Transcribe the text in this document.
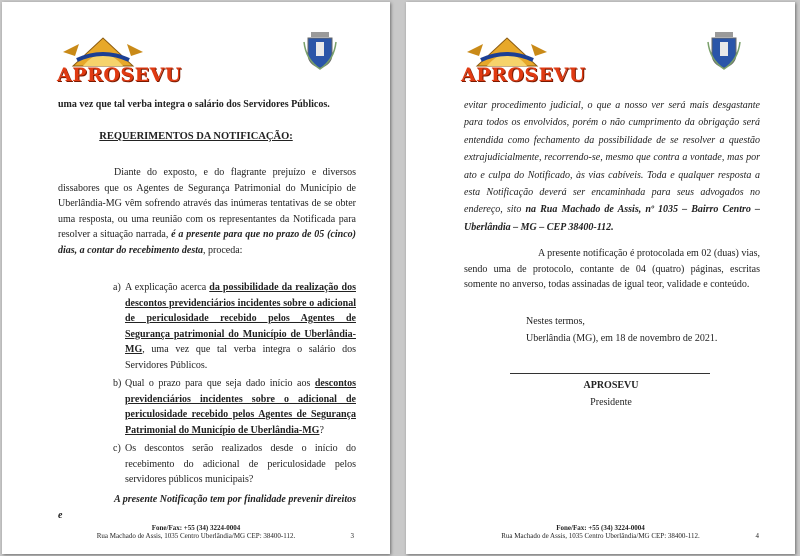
APROSEVU
uma vez que tal verba integra o salário dos Servidores Públicos.
REQUERIMENTOS DA NOTIFICAÇÃO:
Diante do exposto, e do flagrante prejuízo e diversos dissabores que os Agentes de Segurança Patrimonial do Município de Uberlândia-MG vêm sofrendo através das inúmeras tentativas de se obter uma resposta, ou uma reunião com os representantes da Notificada para resolver a situação narrada, é a presente para que no prazo de 05 (cinco) dias, a contar do recebimento desta, proceda:
a) A explicação acerca da possibilidade da realização dos descontos previdenciários incidentes sobre o adicional de periculosidade recebido pelos Agentes de Segurança patrimonial do Município de Uberlândia-MG, uma vez que tal verba integra o salário dos Servidores Públicos.
b) Qual o prazo para que seja dado início aos descontos previdenciários incidentes sobre o adicional de periculosidade recebido pelos Agentes de Segurança Patrimonial do Município de Uberlândia-MG?
c) Os descontos serão realizados desde o início do recebimento do adicional de periculosidade pelos servidores públicos municipais?
A presente Notificação tem por finalidade prevenir direitos e
Fone/Fax: +55 (34) 3224-0004
Rua Machado de Assis, 1035 Centro Uberlândia/MG CEP: 38400-112.	3
APROSEVU
evitar procedimento judicial, o que a nosso ver será mais desgastante para todos os envolvidos, porém o não cumprimento da obrigação será entendida como fechamento da possibilidade de se resolver a questão extrajudicialmente, recorrendo-se, mesmo que contra a vontade, mas por ato e culpa do Notificado, às vias cabíveis. Toda e qualquer resposta a esta Notificação deverá ser encaminhada para seus advogados no endereço, sito na Rua Machado de Assis, nº 1035 – Bairro Centro – Uberlândia – MG – CEP 38400-112.
A presente notificação é protocolada em 02 (duas) vias, sendo uma de protocolo, contante de 04 (quatro) páginas, escritas somente no anverso, todas assinadas de igual teor, validade e conteúdo.
Nestes termos,
Uberlândia (MG), em 18 de novembro de 2021.
APROSEVU
Presidente
Fone/Fax: +55 (34) 3224-0004
Rua Machado de Assis, 1035 Centro Uberlândia/MG CEP: 38400-112.	4
